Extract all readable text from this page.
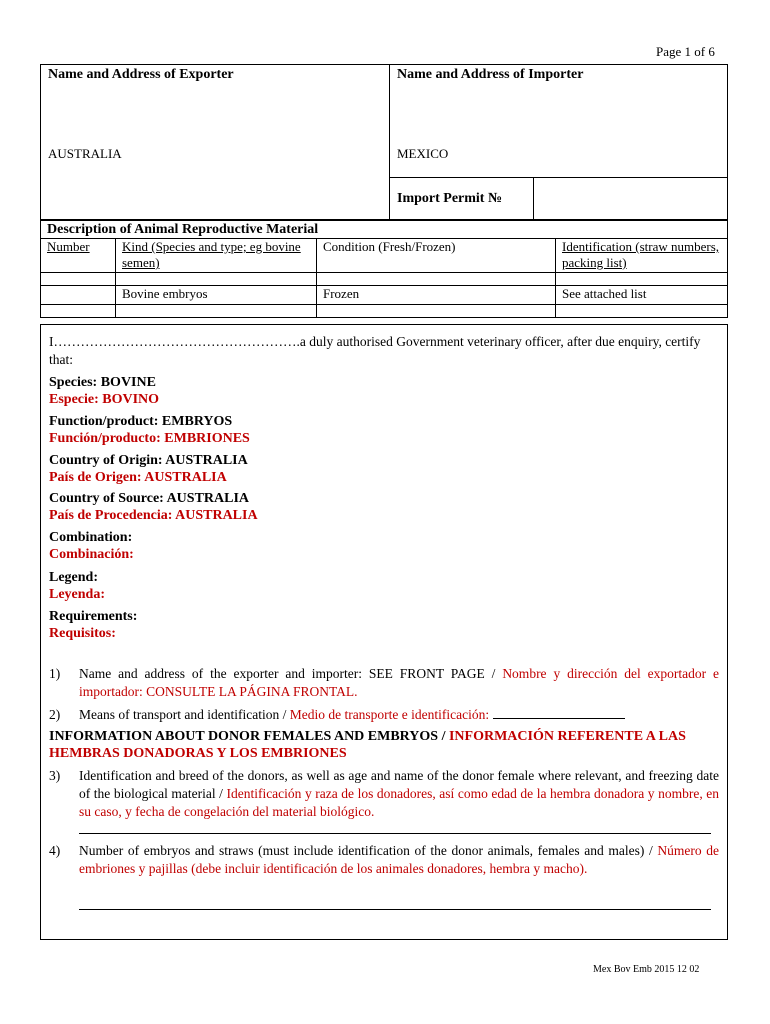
Page 1 of 6
Name and Address of Exporter
AUSTRALIA
Name and Address of Importer
MEXICO
Import Permit №
Description of Animal Reproductive Material			
Number	Kind (Species and type; eg bovine semen)	Condition (Fresh/Frozen)	Identification (straw numbers, packing list)

	Bovine embryos	Frozen	See attached list

I……………………………………………….a duly authorised Government veterinary officer, after due enquiry, certify that:
Species: BOVINE
Especie: BOVINO
Function/product: EMBRYOS
Función/producto: EMBRIONES
Country of Origin: AUSTRALIA
País de Origen: AUSTRALIA
Country of Source: AUSTRALIA
País de Procedencia: AUSTRALIA
Combination:
Combinación:
Legend:
Leyenda:
Requirements:
Requisitos:
1) Name and address of the exporter and importer: SEE FRONT PAGE / Nombre y dirección del exportador e importador: CONSULTE LA PÁGINA FRONTAL.
2) Means of transport and identification / Medio de transporte e identificación:
INFORMATION ABOUT DONOR FEMALES AND EMBRYOS / INFORMACIÓN REFERENTE A LAS HEMBRAS DONADORAS Y LOS EMBRIONES
3) Identification and breed of the donors, as well as age and name of the donor female where relevant, and freezing date of the biological material / Identificación y raza de los donadores, así como edad de la hembra donadora y nombre, en su caso, y fecha de congelación del material biológico.
4) Number of embryos and straws (must include identification of the donor animals, females and males) / Número de embriones y pajillas (debe incluir identificación de los animales donadores, hembra y macho).
Mex Bov Emb 2015 12 02
